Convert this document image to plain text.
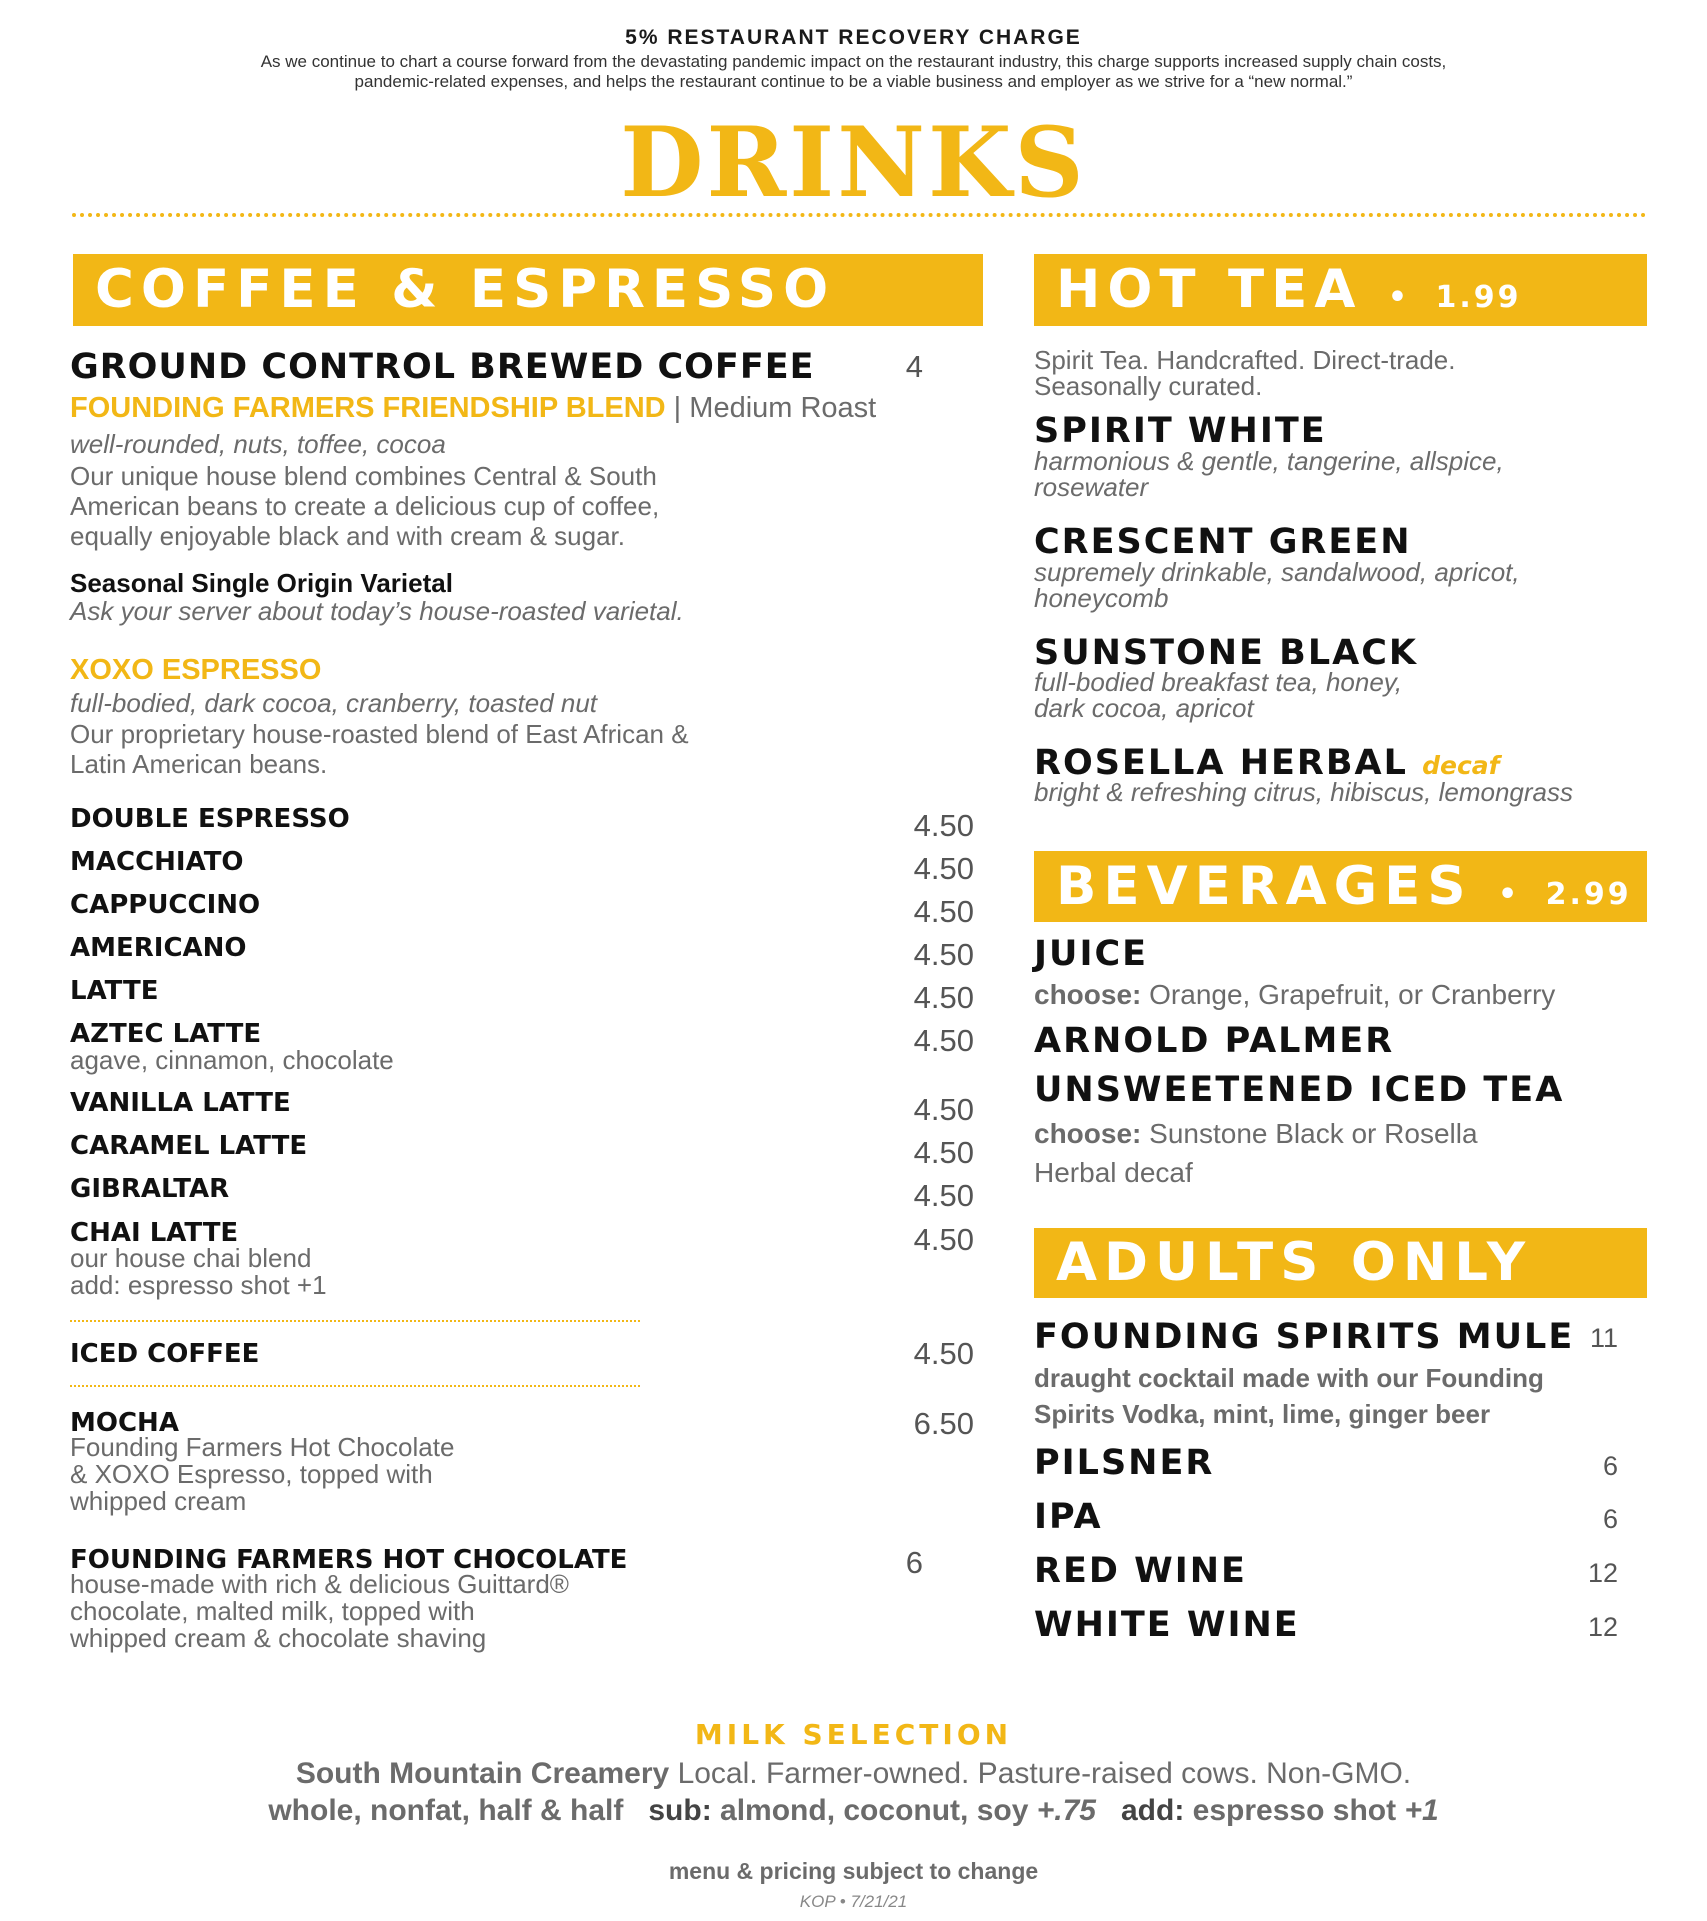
5% RESTAURANT RECOVERY CHARGE
As we continue to chart a course forward from the devastating pandemic impact on the restaurant industry, this charge supports increased supply chain costs,
pandemic-related expenses, and helps the restaurant continue to be a viable business and employer as we strive for a “new normal.”
DRINKS
COFFEE & ESPRESSO
GROUND CONTROL BREWED COFFEE	4
FOUNDING FARMERS FRIENDSHIP BLEND | Medium Roast
well-rounded, nuts, toffee, cocoa
Our unique house blend combines Central & South
American beans to create a delicious cup of coffee,
equally enjoyable black and with cream & sugar.
Seasonal Single Origin Varietal
Ask your server about today’s house-roasted varietal.
XOXO ESPRESSO
full-bodied, dark cocoa, cranberry, toasted nut
Our proprietary house-roasted blend of East African &
Latin American beans.
DOUBLE ESPRESSO	4.50
MACCHIATO	4.50
CAPPUCCINO	4.50
AMERICANO	4.50
LATTE	4.50
AZTEC LATTE	4.50
agave, cinnamon, chocolate
VANILLA LATTE	4.50
CARAMEL LATTE	4.50
GIBRALTAR	4.50
CHAI LATTE	4.50
our house chai blend
add: espresso shot +1
ICED COFFEE	4.50
MOCHA	6.50
Founding Farmers Hot Chocolate
& XOXO Espresso, topped with
whipped cream
FOUNDING FARMERS HOT CHOCOLATE	6
house-made with rich & delicious Guittard®
chocolate, malted milk, topped with
whipped cream & chocolate shaving
HOT TEA • 1.99
Spirit Tea. Handcrafted. Direct-trade.
Seasonally curated.
SPIRIT WHITE
harmonious & gentle, tangerine, allspice,
rosewater
CRESCENT GREEN
supremely drinkable, sandalwood, apricot,
honeycomb
SUNSTONE BLACK
full-bodied breakfast tea, honey,
dark cocoa, apricot
ROSELLA HERBAL decaf
bright & refreshing citrus, hibiscus, lemongrass
BEVERAGES • 2.99
JUICE
choose: Orange, Grapefruit, or Cranberry
ARNOLD PALMER
UNSWEETENED ICED TEA
choose: Sunstone Black or Rosella
Herbal decaf
ADULTS ONLY
FOUNDING SPIRITS MULE 11
draught cocktail made with our Founding
Spirits Vodka, mint, lime, ginger beer
PILSNER	6
IPA	6
RED WINE	12
WHITE WINE	12
MILK SELECTION
South Mountain Creamery Local. Farmer-owned. Pasture-raised cows. Non-GMO.
whole, nonfat, half & half sub: almond, coconut, soy +.75 add: espresso shot +1
menu & pricing subject to change
KOP • 7/21/21
